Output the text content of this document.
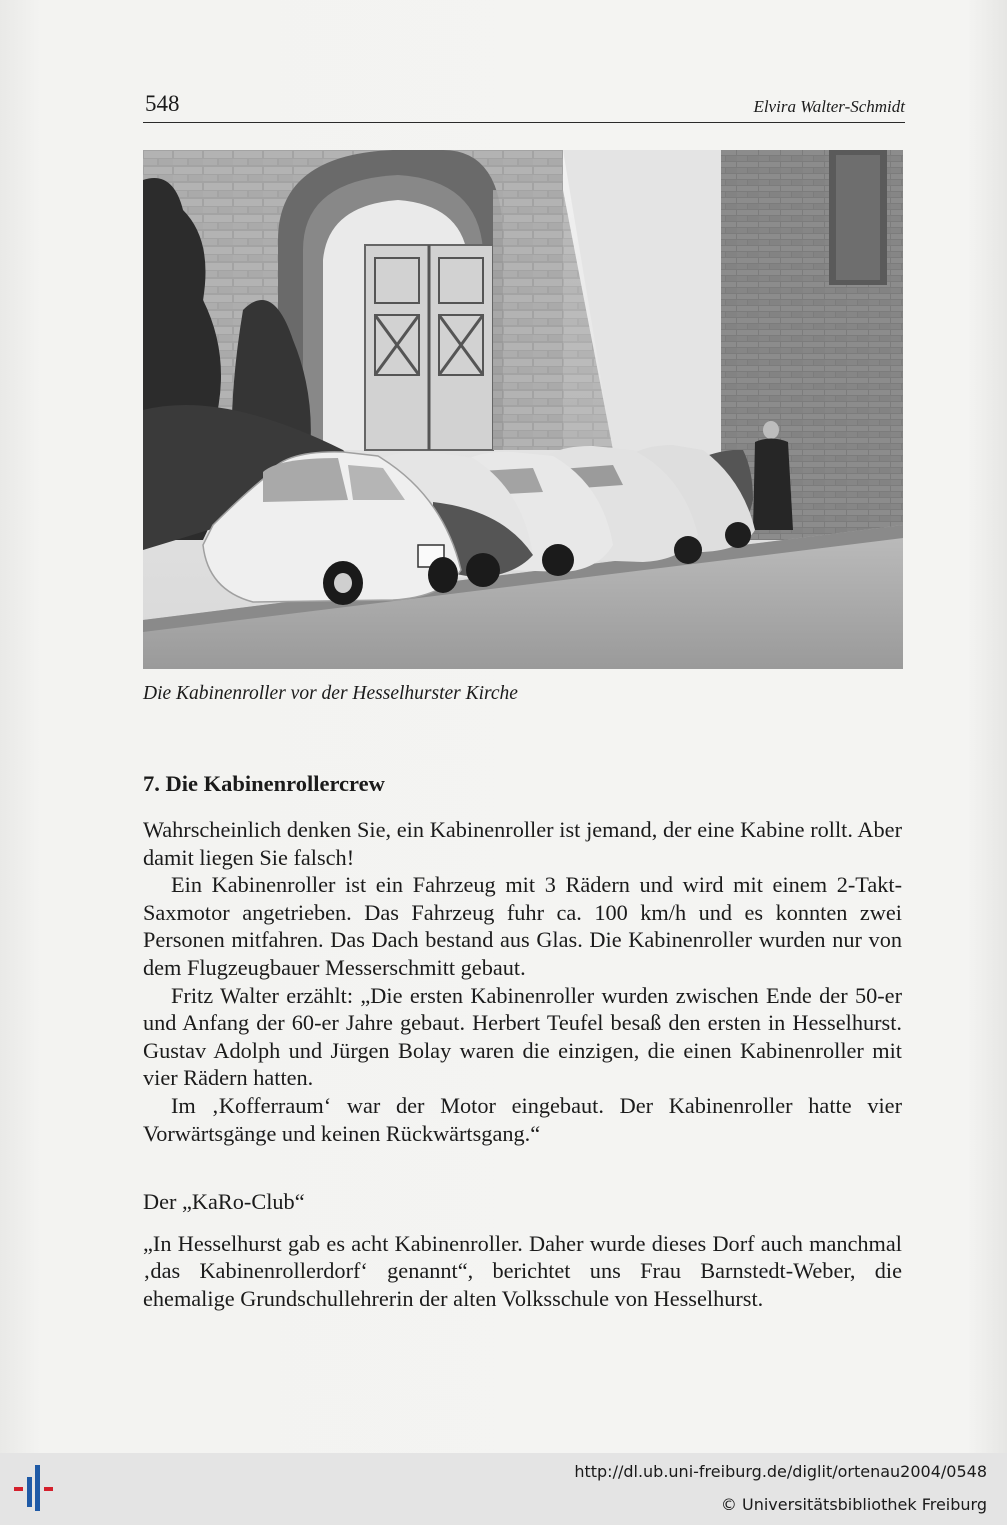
548	Elvira Walter-Schmidt
Die Kabinenroller vor der Hesselhurster Kirche
7. Die Kabinenrollercrew

Wahrscheinlich denken Sie, ein Kabinenroller ist jemand, der eine Kabine rollt. Aber damit liegen Sie falsch!

Ein Kabinenroller ist ein Fahrzeug mit 3 Rädern und wird mit einem 2-Takt-Saxmotor angetrieben. Das Fahrzeug fuhr ca. 100 km/h und es konnten zwei Personen mitfahren. Das Dach bestand aus Glas. Die Kabinenroller wurden nur von dem Flugzeugbauer Messerschmitt gebaut.

Fritz Walter erzählt: „Die ersten Kabinenroller wurden zwischen Ende der 50-er und Anfang der 60-er Jahre gebaut. Herbert Teufel besaß den ersten in Hesselhurst. Gustav Adolph und Jürgen Bolay waren die einzigen, die einen Kabinenroller mit vier Rädern hatten.

Im ‚Kofferraum‘ war der Motor eingebaut. Der Kabinenroller hatte vier Vorwärtsgänge und keinen Rückwärtsgang.“

Der „KaRo-Club“

„In Hesselhurst gab es acht Kabinenroller. Daher wurde dieses Dorf auch manchmal ‚das Kabinenrollerdorf‘ genannt“, berichtet uns Frau Barnstedt-Weber, die ehemalige Grundschullehrerin der alten Volksschule von Hesselhurst.

http://dl.ub.uni-freiburg.de/diglit/ortenau2004/0548
© Universitätsbibliothek Freiburg
